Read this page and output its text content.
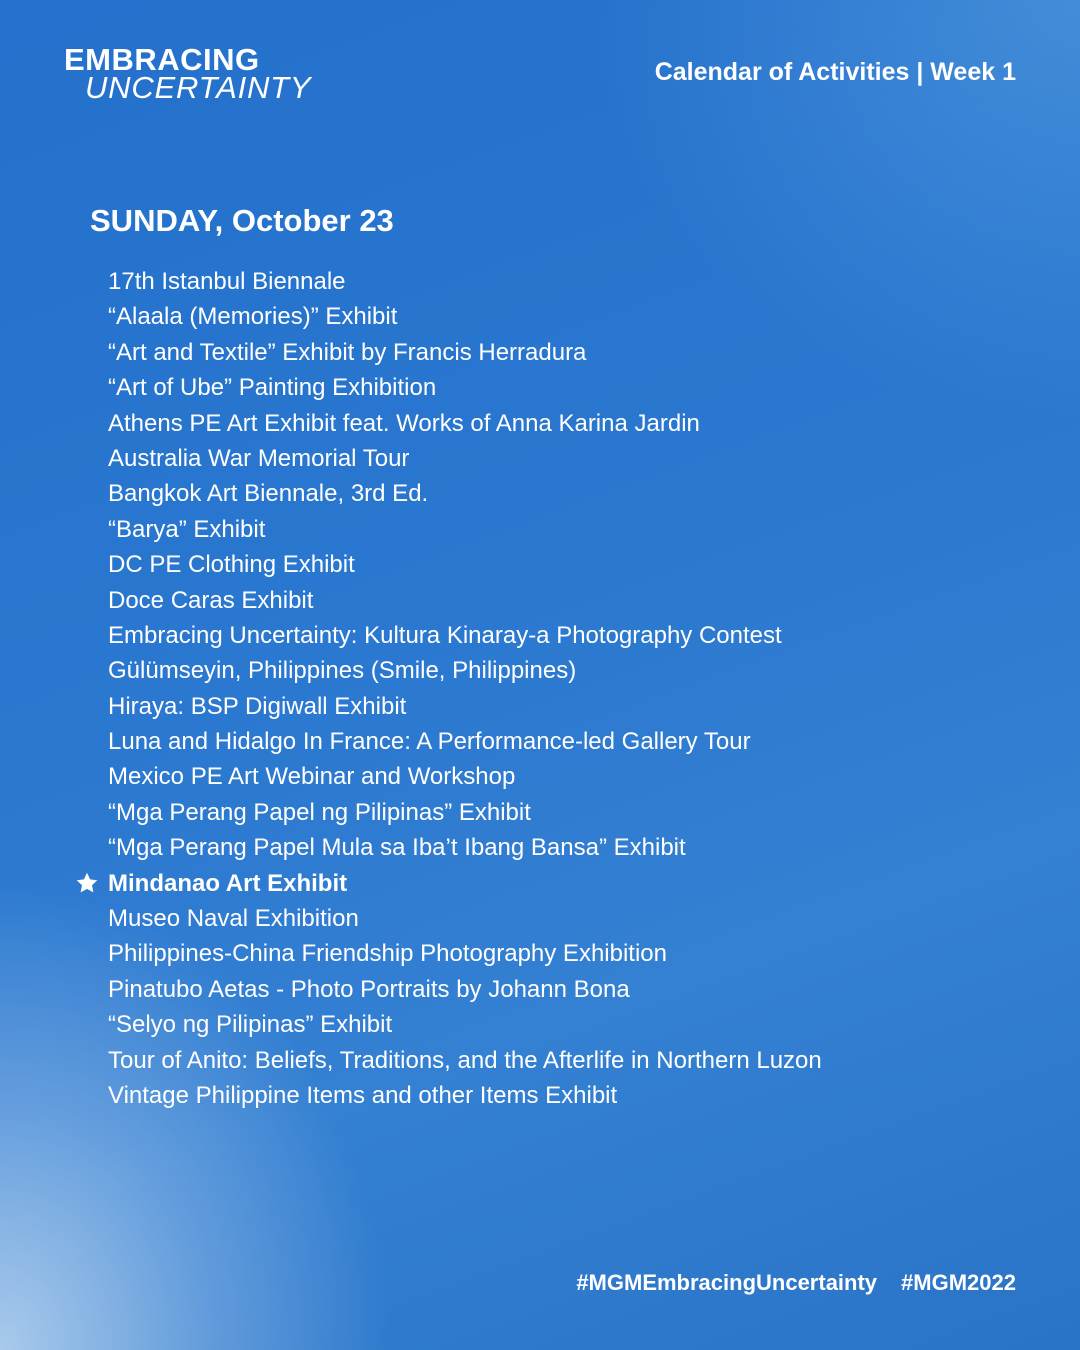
EMBRACING
UNCERTAINTY	Calendar of Activities | Week 1
SUNDAY, October 23
17th Istanbul Biennale
“Alaala (Memories)” Exhibit
“Art and Textile” Exhibit by Francis Herradura
“Art of Ube” Painting Exhibition
Athens PE Art Exhibit feat. Works of Anna Karina Jardin
Australia War Memorial Tour
Bangkok Art Biennale, 3rd Ed.
“Barya” Exhibit
DC PE Clothing Exhibit
Doce Caras Exhibit
Embracing Uncertainty: Kultura Kinaray-a Photography Contest
Gülümseyin, Philippines (Smile, Philippines)
Hiraya: BSP Digiwall Exhibit
Luna and Hidalgo In France: A Performance-led Gallery Tour
Mexico PE Art Webinar and Workshop
“Mga Perang Papel ng Pilipinas” Exhibit
“Mga Perang Papel Mula sa Iba’t Ibang Bansa” Exhibit
Mindanao Art Exhibit
Museo Naval Exhibition
Philippines-China Friendship Photography Exhibition
Pinatubo Aetas - Photo Portraits by Johann Bona
“Selyo ng Pilipinas” Exhibit
Tour of Anito: Beliefs, Traditions, and the Afterlife in Northern Luzon
Vintage Philippine Items and other Items Exhibit
#MGMEmbracingUncertainty #MGM2022
